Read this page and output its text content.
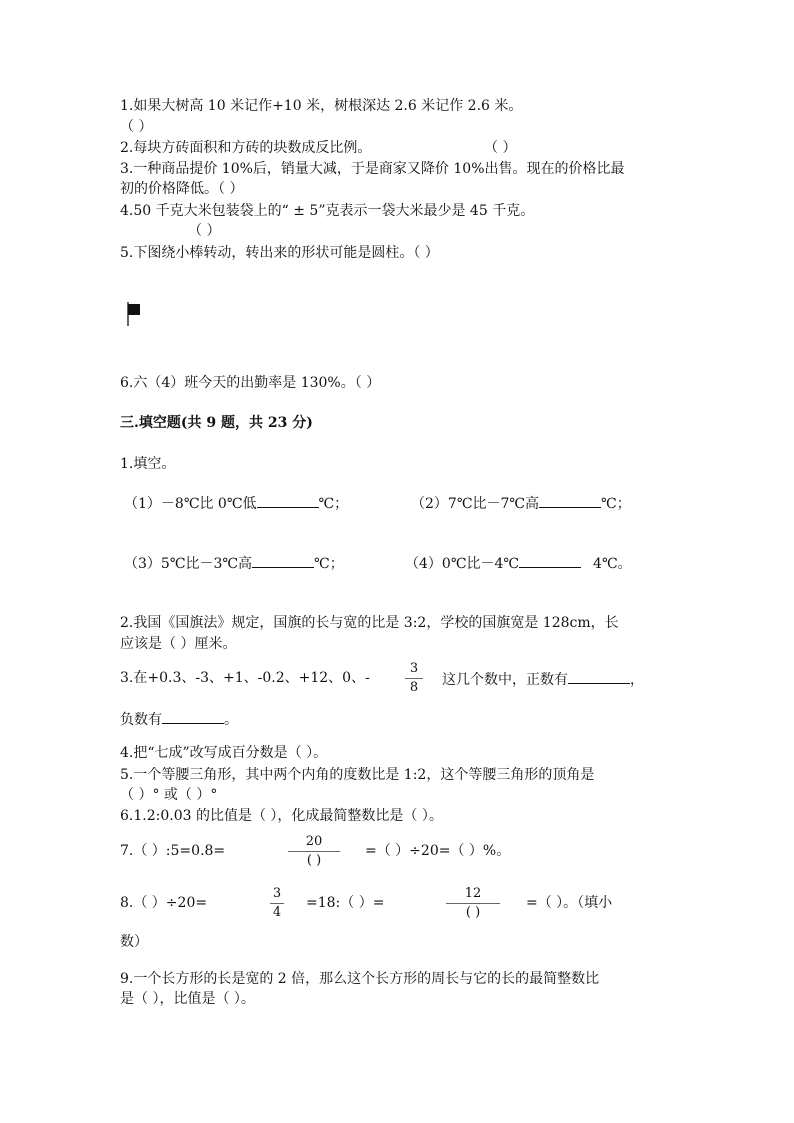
1.如果大树高 10 米记作+10 米，树根深达 2.6 米记作 2.6 米。
（ ）
2.每块方砖面积和方砖的块数成反比例。	（ ）
3.一种商品提价 10%后，销量大减，于是商家又降价 10%出售。现在的价格比最
初的价格降低。（ ）
4.50 千克大米包装袋上的“ ± 5”克表示一袋大米最少是 45 千克。
（ ）
5.下图绕小棒转动，转出来的形状可能是圆柱。（ ）
6.六（4）班今天的出勤率是 130%。（ ）
三.填空题(共 9 题，共 23 分)
1.填空。
（1）－8℃比 0℃低	℃；	（2）7℃比－7℃高	℃；
（3）5℃比－3℃高	℃；	（4）0℃比－4℃	4℃。
2.我国《国旗法》规定，国旗的长与宽的比是 3:2，学校的国旗宽是 128cm，长
应该是（ ）厘米。
3.在+0.3、-3、+1、-0.2、+12、0、-
3
8	这几个数中，正数有	，
负数有	。
4.把“七成”改写成百分数是（ ）。
5.一个等腰三角形，其中两个内角的度数比是 1:2，这个等腰三角形的顶角是
（ ）° 或（ ）°
6.1.2:0.03 的比值是（ ），化成最简整数比是（ ）。
7.（ ）:5=0.8=
20
( )
=（ ）÷20=（ ）%。
8.（ ）÷20=
3
4
=18:（ ）=
12
( )
=（ ）。（填小
数）
9.一个长方形的长是宽的 2 倍，那么这个长方形的周长与它的长的最简整数比
是（ ），比值是（ ）。
